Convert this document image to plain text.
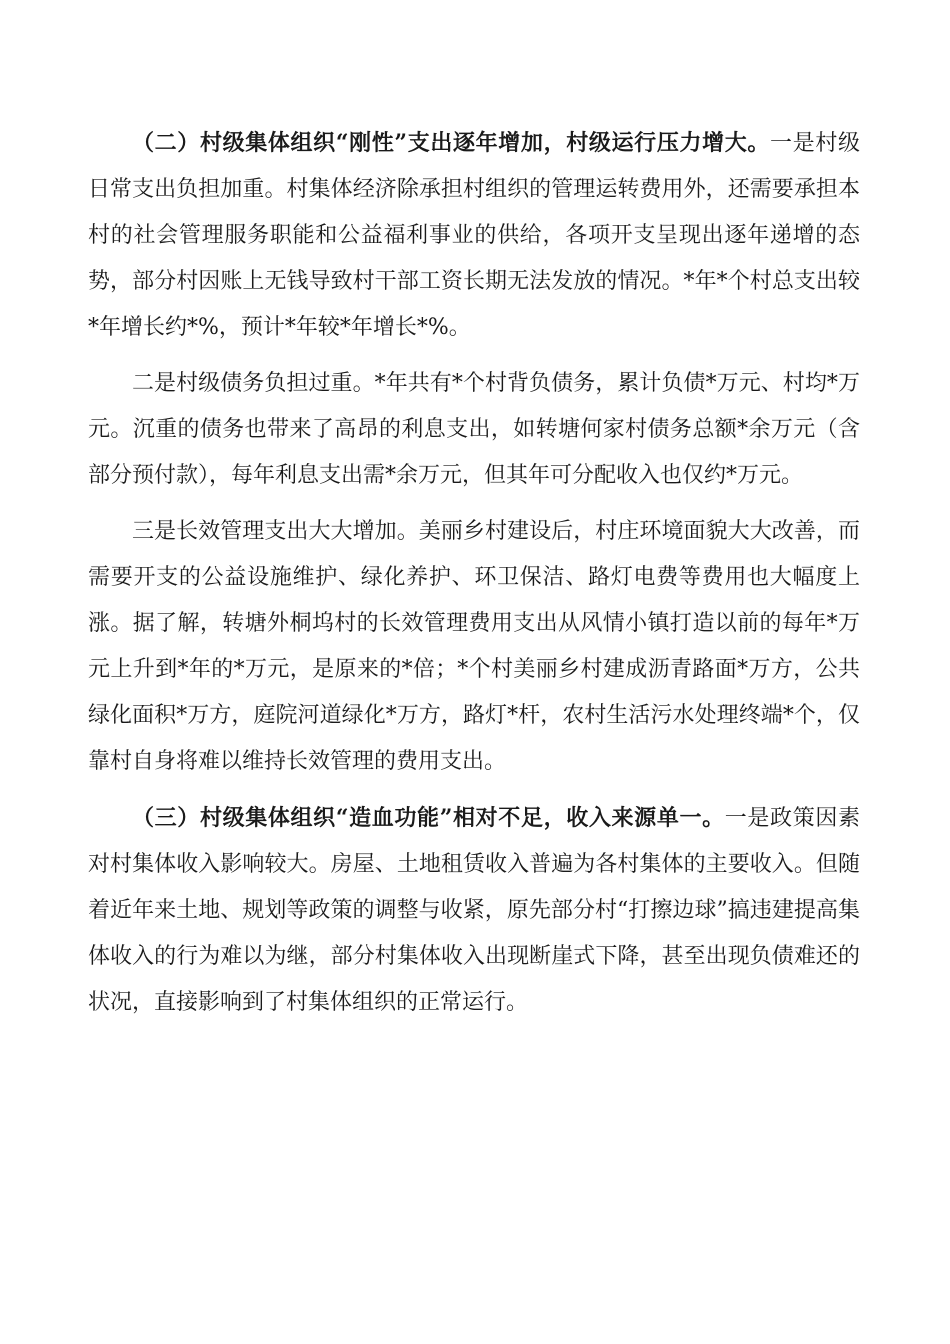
（二）村级集体组织“刚性”支出逐年增加，村级运行压力增大。一是村级日常支出负担加重。村集体经济除承担村组织的管理运转费用外，还需要承担本村的社会管理服务职能和公益福利事业的供给，各项开支呈现出逐年递增的态势，部分村因账上无钱导致村干部工资长期无法发放的情况。*年*个村总支出较*年增长约*%，预计*年较*年增长*%。

二是村级债务负担过重。*年共有*个村背负债务，累计负债*万元、村均*万元。沉重的债务也带来了高昂的利息支出，如转塘何家村债务总额*余万元（含部分预付款），每年利息支出需*余万元，但其年可分配收入也仅约*万元。

三是长效管理支出大大增加。美丽乡村建设后，村庄环境面貌大大改善，而需要开支的公益设施维护、绿化养护、环卫保洁、路灯电费等费用也大幅度上涨。据了解，转塘外桐坞村的长效管理费用支出从风情小镇打造以前的每年*万元上升到*年的*万元，是原来的*倍；*个村美丽乡村建成沥青路面*万方，公共绿化面积*万方，庭院河道绿化*万方，路灯*杆，农村生活污水处理终端*个，仅靠村自身将难以维持长效管理的费用支出。

（三）村级集体组织“造血功能”相对不足，收入来源单一。一是政策因素对村集体收入影响较大。房屋、土地租赁收入普遍为各村集体的主要收入。但随着近年来土地、规划等政策的调整与收紧，原先部分村“打擦边球”搞违建提高集体收入的行为难以为继，部分村集体收入出现断崖式下降，甚至出现负债难还的状况，直接影响到了村集体组织的正常运行。
